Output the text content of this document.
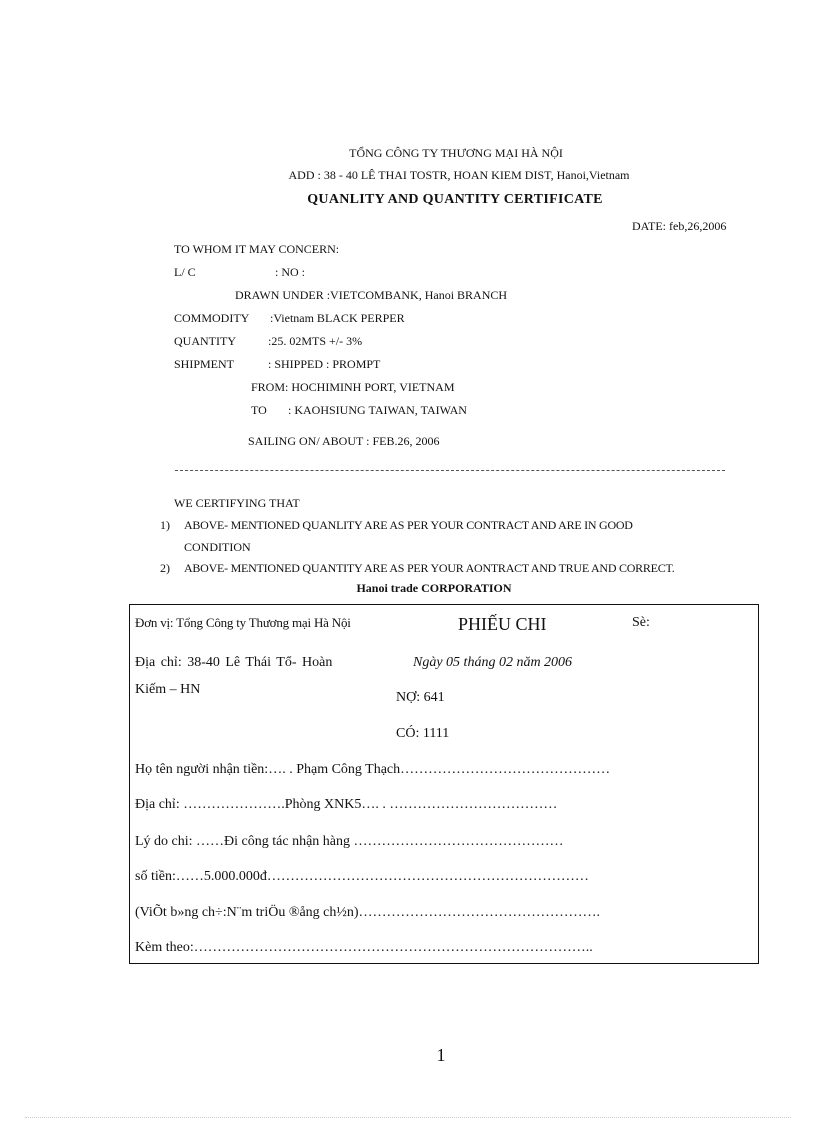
TỔNG CÔNG TY THƯƠNG MẠI HÀ NỘI
ADD : 38 - 40 LÊ THAI TOSTR, HOAN KIEM DIST, Hanoi,Vietnam
QUANLITY AND QUANTITY CERTIFICATE
DATE: feb,26,2006
TO WHOM IT MAY CONCERN:
L/ C	: NO :
DRAWN UNDER :VIETCOMBANK, Hanoi BRANCH
COMMODITY :Vietnam BLACK PERPER
QUANTITY	:25. 02MTS +/- 3%
SHIPMENT	: SHIPPED : PROMPT
FROM: HOCHIMINH PORT, VIETNAM
TO : KAOHSIUNG TAIWAN, TAIWAN
SAILING ON/ ABOUT : FEB.26, 2006
WE CERTIFYING THAT
1) ABOVE- MENTIONED QUANLITY ARE AS PER YOUR CONTRACT AND ARE IN GOOD
CONDITION
2) ABOVE- MENTIONED QUANTITY ARE AS PER YOUR AONTRACT AND TRUE AND CORRECT.
Hanoi trade CORPORATION
Đơn vị: Tổng Công ty Thương mại Hà Nội	PHIẾU CHI	Sè:
Địa chỉ: 38-40 Lê Thái Tổ- Hoàn
Kiếm – HN
Ngày 05 tháng 02 năm 2006
NỢ: 641
CÓ: 1111
Họ tên người nhận tiền:…. . Phạm Công Thạch………………………………………
Địa chỉ: ………………….Phòng XNK5…. . ………………………………
Lý do chi: ……Đi công tác nhận hàng ………………………………………
số tiền:……5.000.000đ……………………………………………………………
(ViÕt b»ng ch÷:N¨m triÖu ®ång ch½n)…………………………………………….
Kèm theo:…………………………………………………………………………..
1
